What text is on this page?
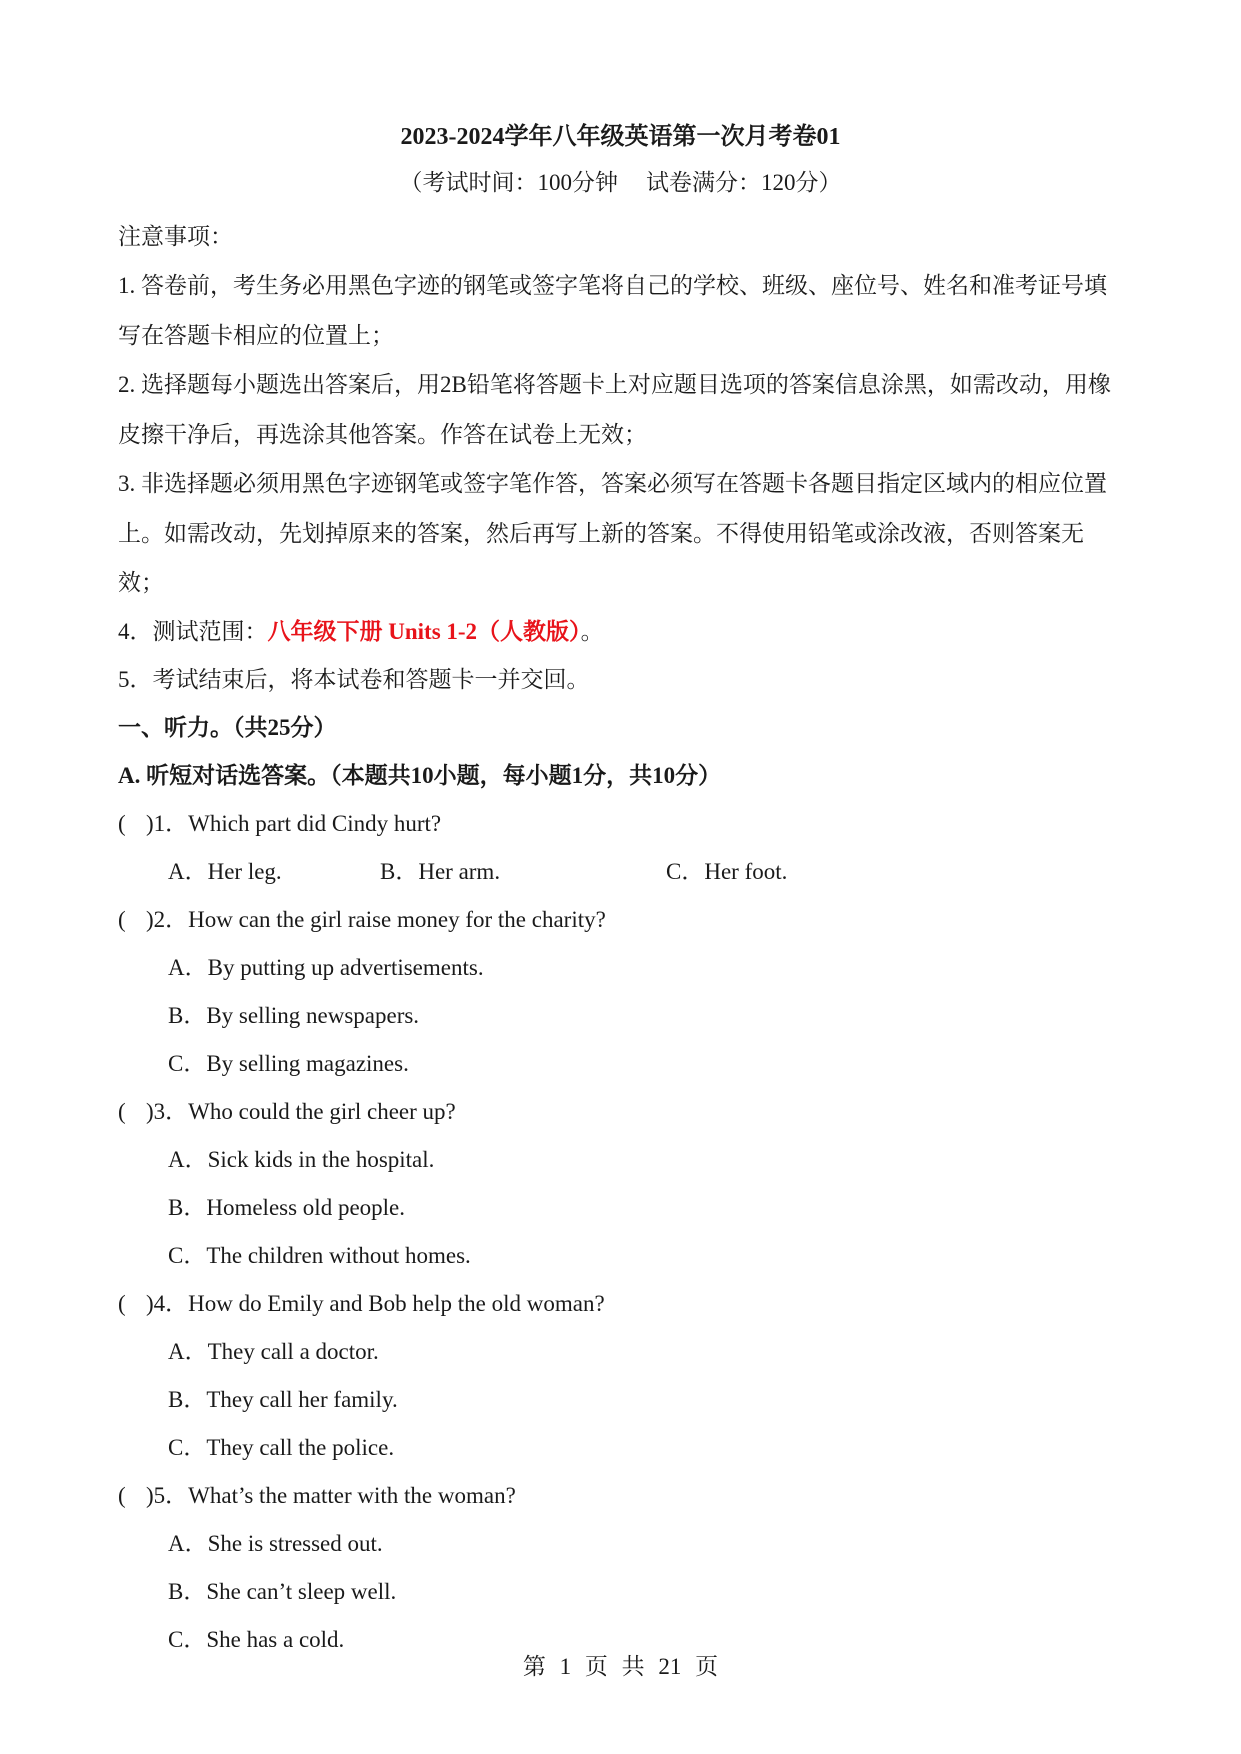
2023-2024学年八年级英语第一次月考卷01
（考试时间：100分钟 试卷满分：120分）
注意事项：
1. 答卷前，考生务必用黑色字迹的钢笔或签字笔将自己的学校、班级、座位号、姓名和准考证号填写在答题卡相应的位置上；
2. 选择题每小题选出答案后，用2B铅笔将答题卡上对应题目选项的答案信息涂黑，如需改动，用橡皮擦干净后，再选涂其他答案。作答在试卷上无效；
3. 非选择题必须用黑色字迹钢笔或签字笔作答，答案必须写在答题卡各题目指定区域内的相应位置上。如需改动，先划掉原来的答案，然后再写上新的答案。不得使用铅笔或涂改液，否则答案无效；
4．测试范围：八年级下册 Units 1-2（人教版）。
5．考试结束后，将本试卷和答题卡一并交回。
一、听力。（共25分）
A. 听短对话选答案。（本题共10小题，每小题1分，共10分）
( )1．Which part did Cindy hurt?
A．Her leg.	B．Her arm.	C．Her foot.
( )2．How can the girl raise money for the charity?
A．By putting up advertisements.
B．By selling newspapers.
C．By selling magazines.
( )3．Who could the girl cheer up?
A．Sick kids in the hospital.
B．Homeless old people.
C．The children without homes.
( )4．How do Emily and Bob help the old woman?
A．They call a doctor.
B．They call her family.
C．They call the police.
( )5．What’s the matter with the woman?
A．She is stressed out.
B．She can’t sleep well.
C．She has a cold.
第 1 页 共 21 页
